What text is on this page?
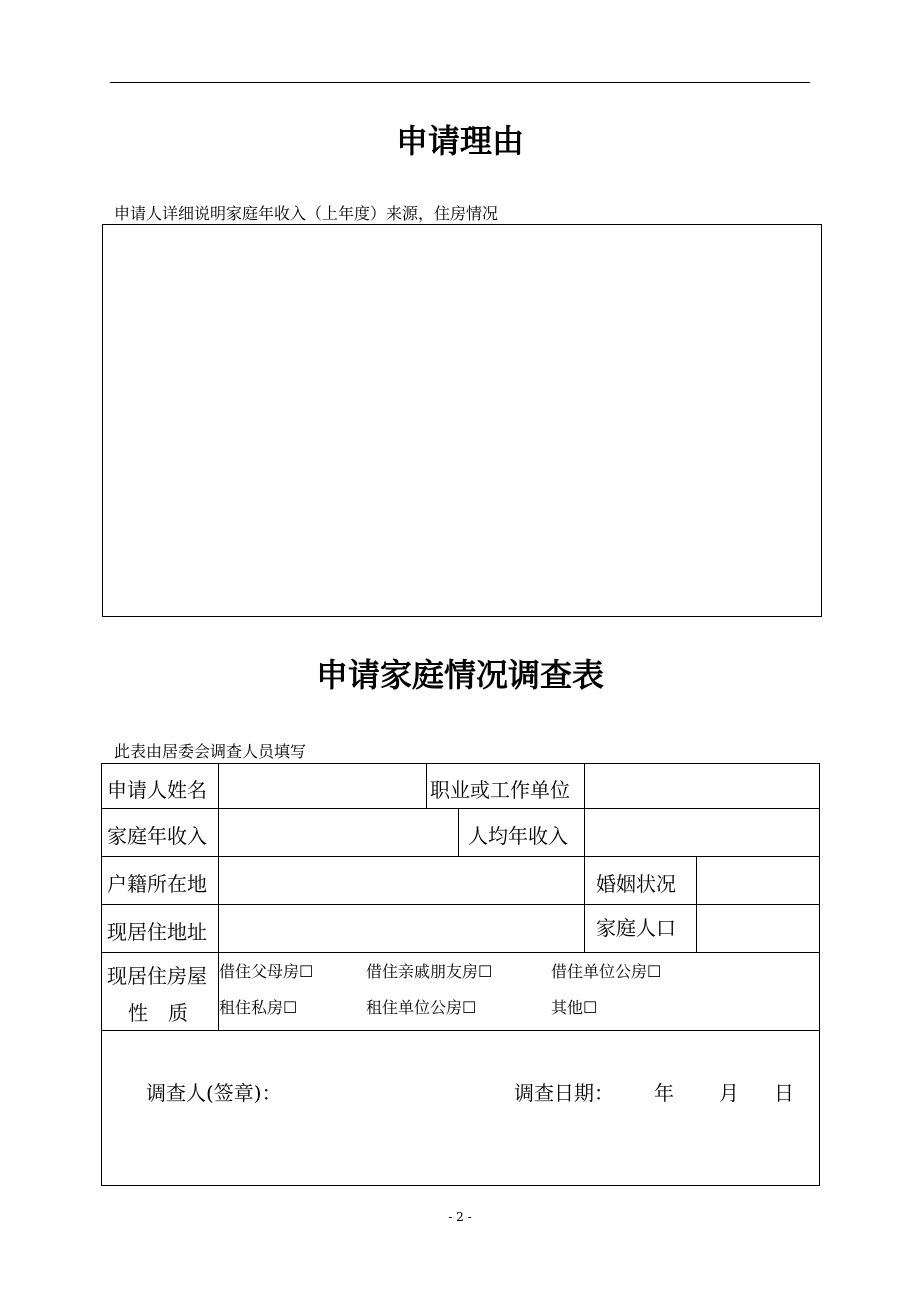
申请理由
申请人详细说明家庭年收入（上年度）来源，住房情况
申请家庭情况调查表
此表由居委会调查人员填写
申请人姓名	职业或工作单位
家庭年收入	人均年收入
户籍所在地	婚姻状况
现居住地址	家庭人口
现居住房屋
性　质
借住父母房☐	借住亲戚朋友房☐	借住单位公房☐
租住私房☐	租住单位公房☐	其他☐
调查人(签章)：	调查日期： 年 月 日
- 2 -
